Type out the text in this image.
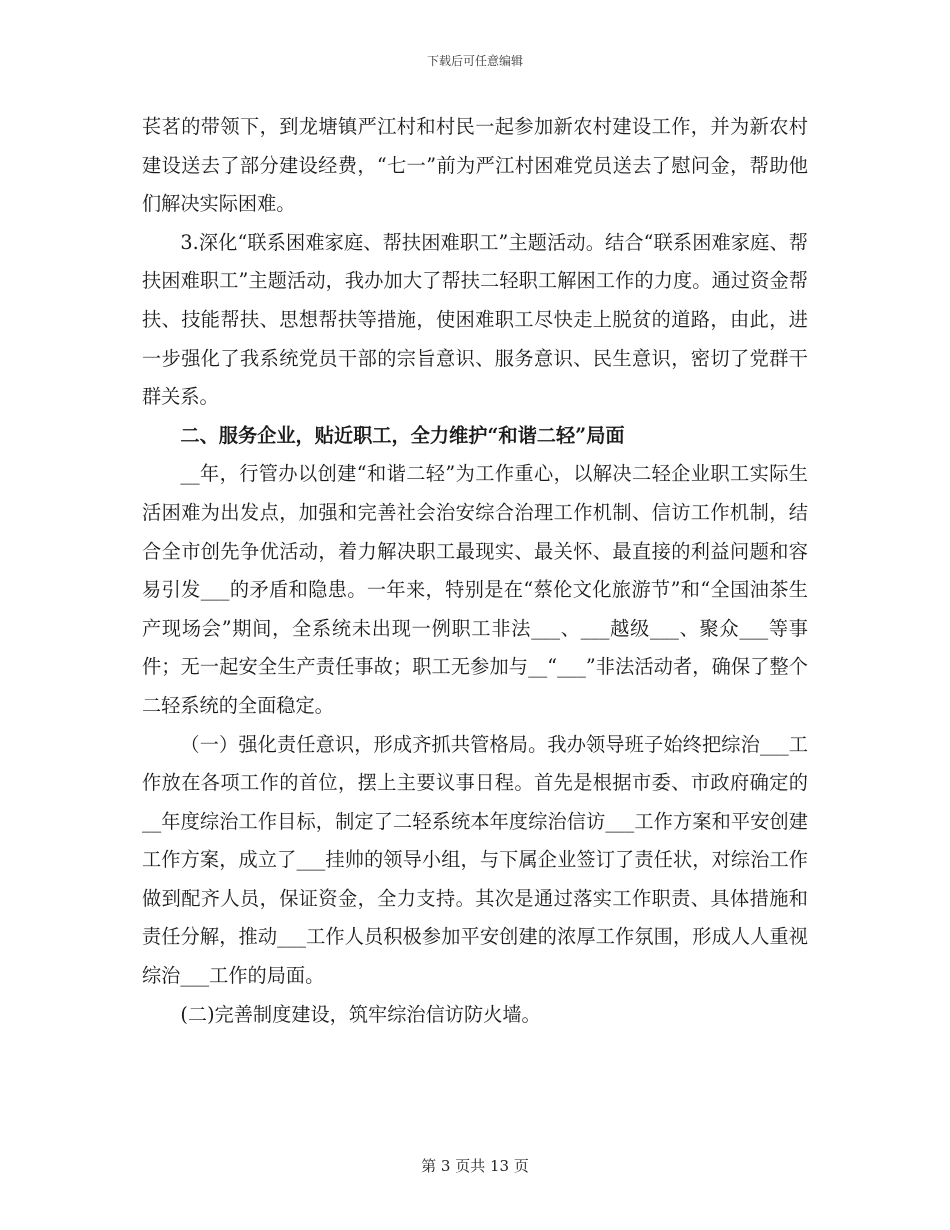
下载后可任意编辑

苌茗的带领下，到龙塘镇严江村和村民一起参加新农村建设工作，并为新农村建设送去了部分建设经费，“七一”前为严江村困难党员送去了慰问金，帮助他们解决实际困难。

3.深化“联系困难家庭、帮扶困难职工”主题活动。结合“联系困难家庭、帮扶困难职工”主题活动，我办加大了帮扶二轻职工解困工作的力度。通过资金帮扶、技能帮扶、思想帮扶等措施，使困难职工尽快走上脱贫的道路，由此，进一步强化了我系统党员干部的宗旨意识、服务意识、民生意识，密切了党群干群关系。

二、服务企业，贴近职工，全力维护“和谐二轻”局面

__年，行管办以创建“和谐二轻”为工作重心，以解决二轻企业职工实际生活困难为出发点，加强和完善社会治安综合治理工作机制、信访工作机制，结合全市创先争优活动，着力解决职工最现实、最关怀、最直接的利益问题和容易引发___的矛盾和隐患。一年来，特别是在“蔡伦文化旅游节”和“全国油茶生产现场会”期间，全系统未出现一例职工非法___、___越级___、聚众___等事件；无一起安全生产责任事故；职工无参加与__“___”非法活动者，确保了整个二轻系统的全面稳定。

（一）强化责任意识，形成齐抓共管格局。我办领导班子始终把综治___工作放在各项工作的首位，摆上主要议事日程。首先是根据市委、市政府确定的__年度综治工作目标，制定了二轻系统本年度综治信访___工作方案和平安创建工作方案，成立了___挂帅的领导小组，与下属企业签订了责任状，对综治工作做到配齐人员，保证资金，全力支持。其次是通过落实工作职责、具体措施和责任分解，推动___工作人员积极参加平安创建的浓厚工作氛围，形成人人重视综治___工作的局面。

(二)完善制度建设，筑牢综治信访防火墙。

第 3 页共 13 页
